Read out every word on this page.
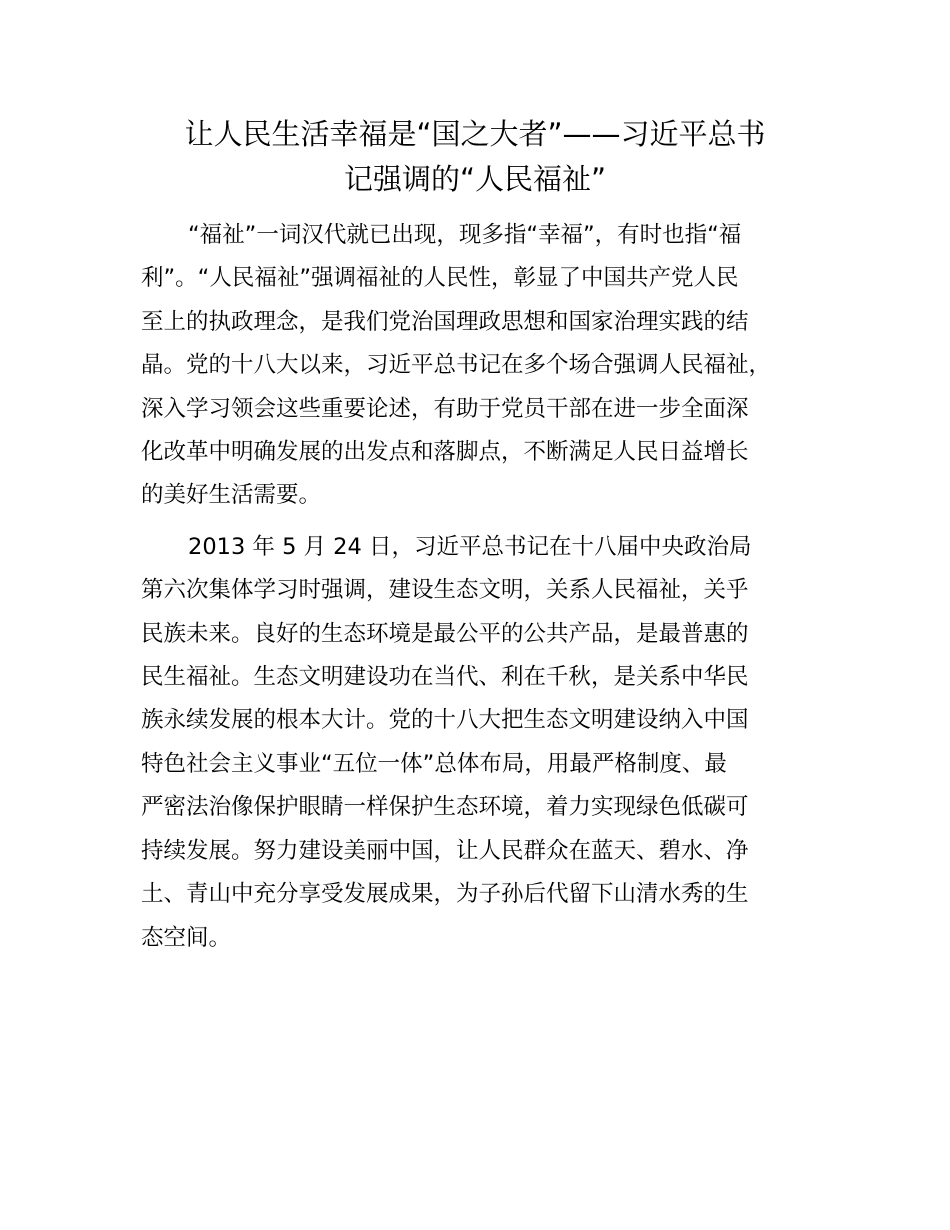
让人民生活幸福是“国之大者”——习近平总书
记强调的“人民福祉”

“福祉”一词汉代就已出现，现多指“幸福”，有时也指“福
利”。“人民福祉”强调福祉的人民性，彰显了中国共产党人民
至上的执政理念，是我们党治国理政思想和国家治理实践的结
晶。党的十八大以来，习近平总书记在多个场合强调人民福祉，
深入学习领会这些重要论述，有助于党员干部在进一步全面深
化改革中明确发展的出发点和落脚点，不断满足人民日益增长
的美好生活需要。

2013 年 5 月 24 日，习近平总书记在十八届中央政治局
第六次集体学习时强调，建设生态文明，关系人民福祉，关乎
民族未来。良好的生态环境是最公平的公共产品，是最普惠的
民生福祉。生态文明建设功在当代、利在千秋，是关系中华民
族永续发展的根本大计。党的十八大把生态文明建设纳入中国
特色社会主义事业“五位一体”总体布局，用最严格制度、最
严密法治像保护眼睛一样保护生态环境，着力实现绿色低碳可
持续发展。努力建设美丽中国，让人民群众在蓝天、碧水、净
土、青山中充分享受发展成果，为子孙后代留下山清水秀的生
态空间。
